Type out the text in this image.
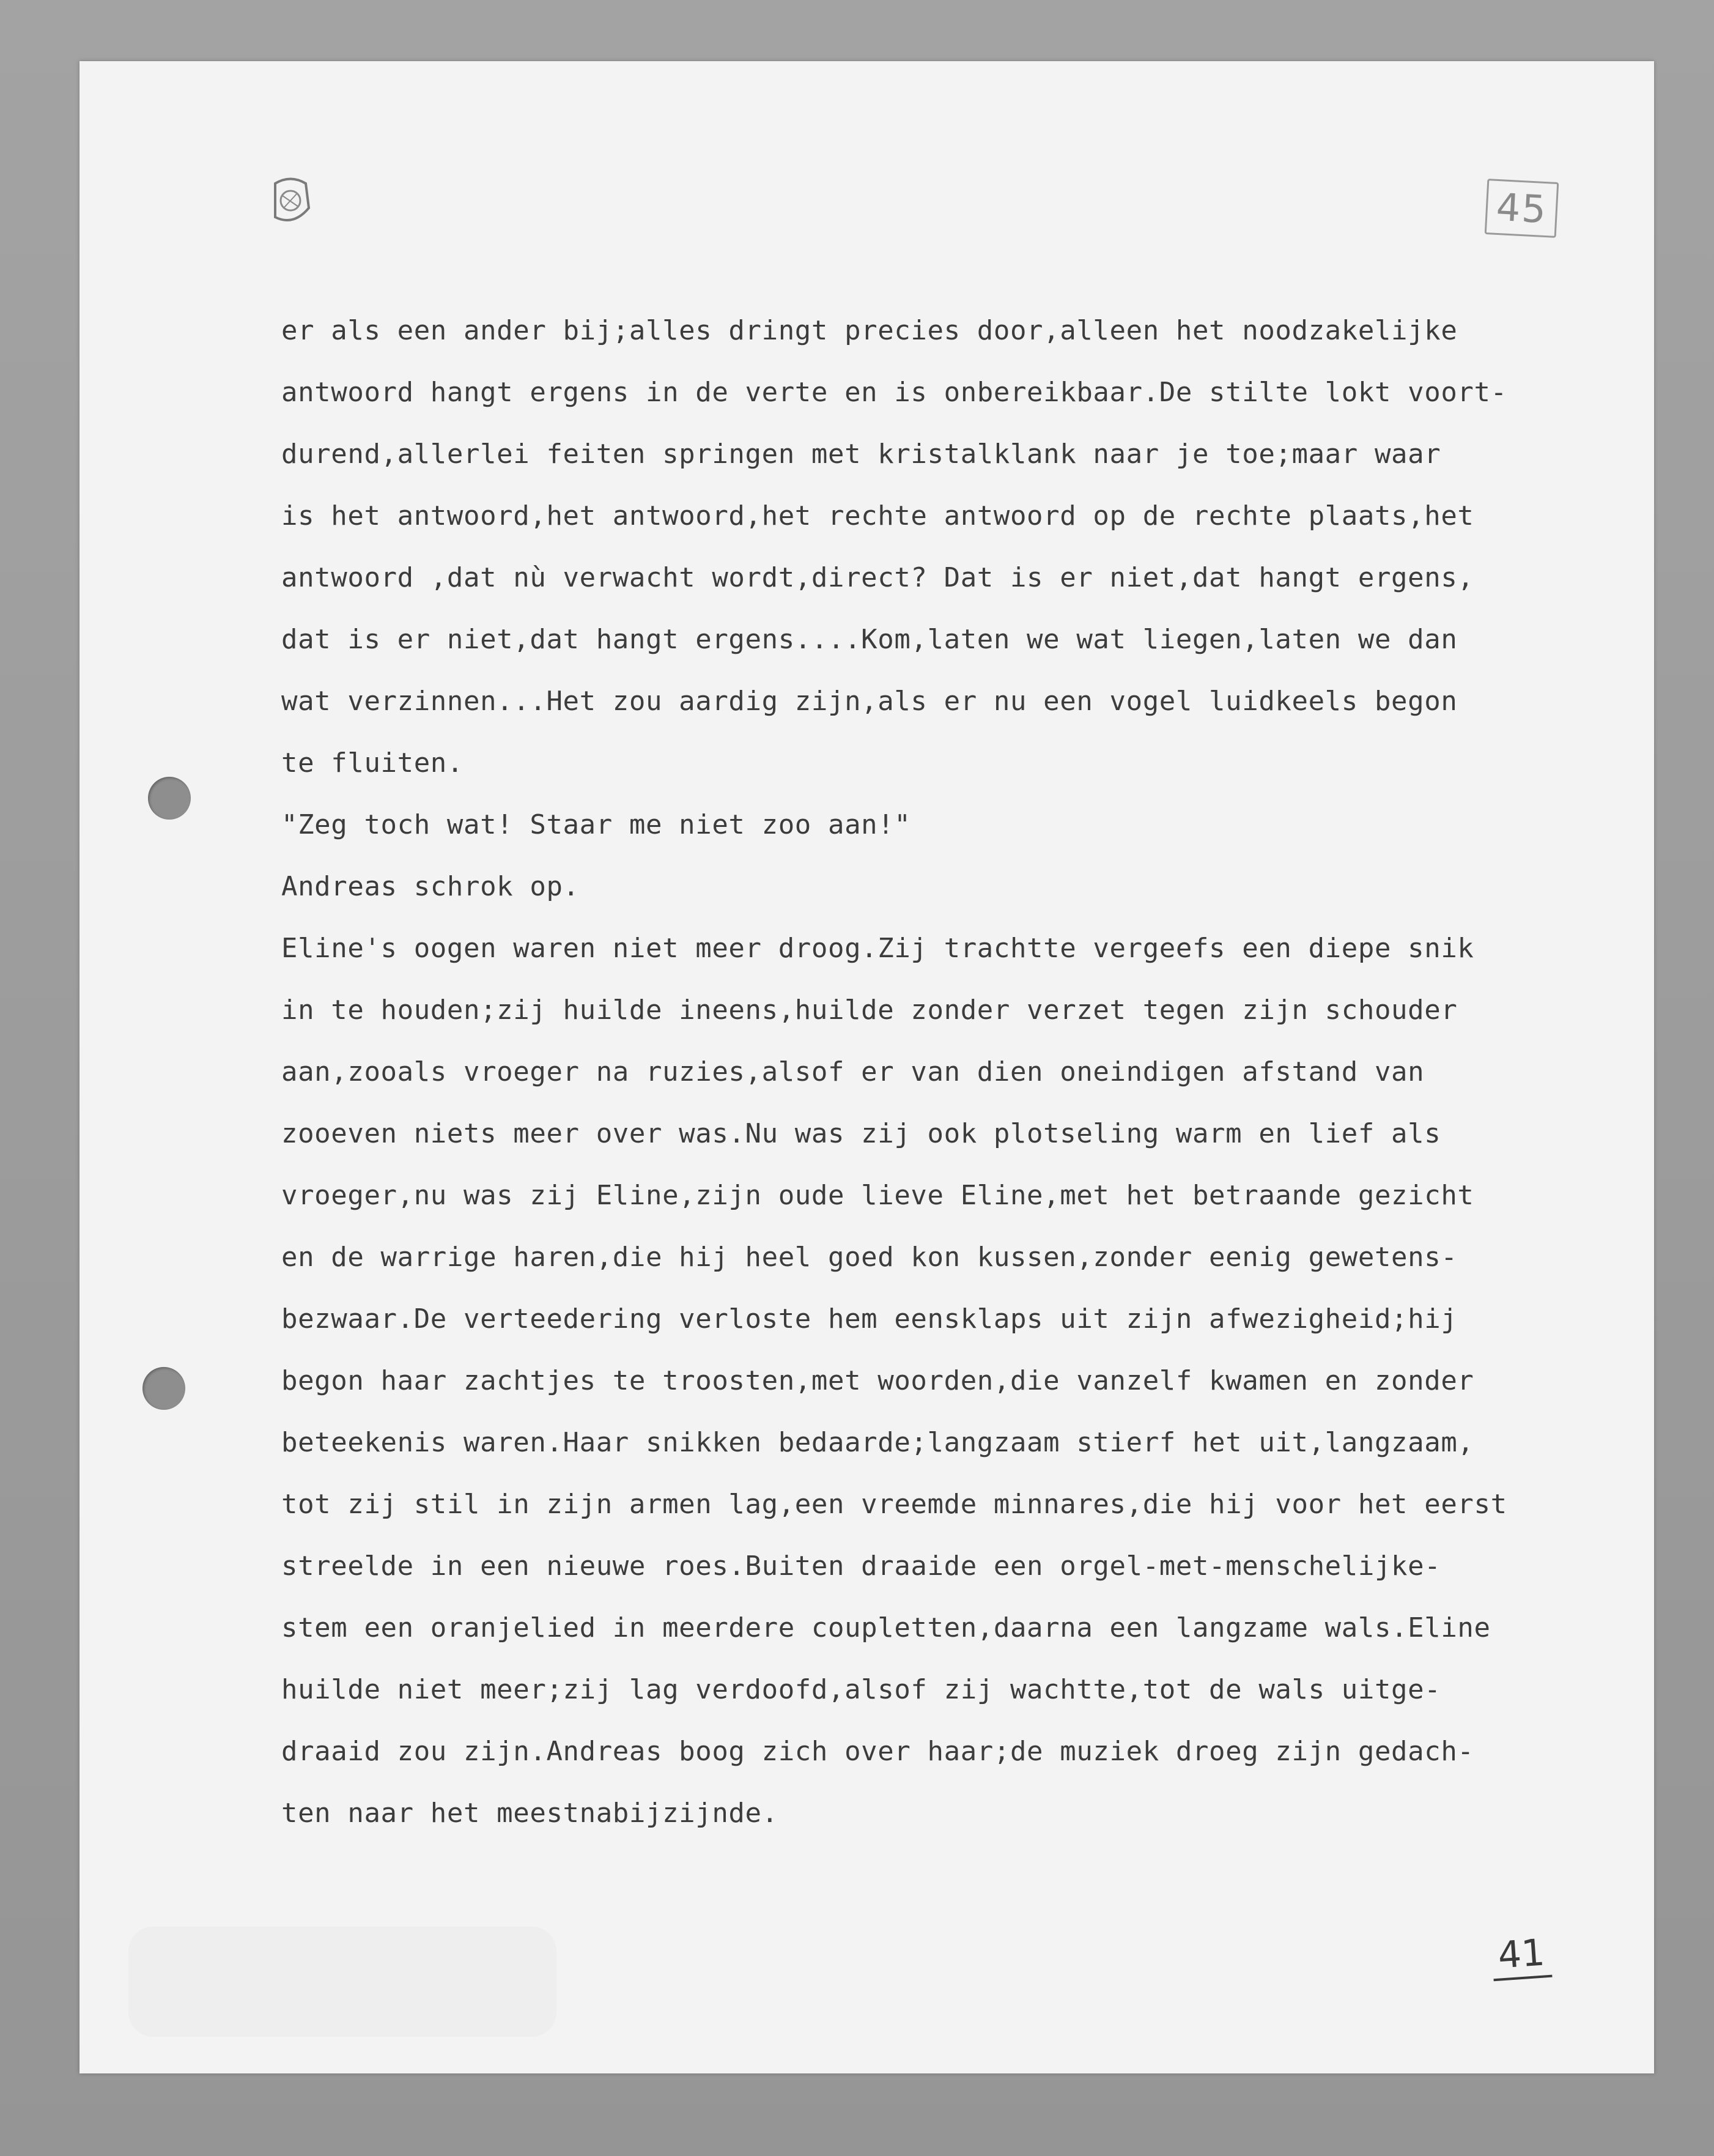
45
er als een ander bij;alles dringt precies door,alleen het noodzakelijke
antwoord hangt ergens in de verte en is onbereikbaar.De stilte lokt voort-
durend,allerlei feiten springen met kristalklank naar je toe;maar waar
is het antwoord,het antwoord,het rechte antwoord op de rechte plaats,het
antwoord ,dat nù verwacht wordt,direct? Dat is er niet,dat hangt ergens,
dat is er niet,dat hangt ergens....Kom,laten we wat liegen,laten we dan
wat verzinnen...Het zou aardig zijn,als er nu een vogel luidkeels begon
te fluiten.
"Zeg toch wat! Staar me niet zoo aan!"
Andreas schrok op.
Eline's oogen waren niet meer droog.Zij trachtte vergeefs een diepe snik
in te houden;zij huilde ineens,huilde zonder verzet tegen zijn schouder
aan,zooals vroeger na ruzies,alsof er van dien oneindigen afstand van
zooeven niets meer over was.Nu was zij ook plotseling warm en lief als
vroeger,nu was zij Eline,zijn oude lieve Eline,met het betraande gezicht
en de warrige haren,die hij heel goed kon kussen,zonder eenig gewetens-
bezwaar.De verteedering verloste hem eensklaps uit zijn afwezigheid;hij
begon haar zachtjes te troosten,met woorden,die vanzelf kwamen en zonder
beteekenis waren.Haar snikken bedaarde;langzaam stierf het uit,langzaam,
tot zij stil in zijn armen lag,een vreemde minnares,die hij voor het eerst
streelde in een nieuwe roes.Buiten draaide een orgel-met-menschelijke-
stem een oranjelied in meerdere coupletten,daarna een langzame wals.Eline
huilde niet meer;zij lag verdoofd,alsof zij wachtte,tot de wals uitge-
draaid zou zijn.Andreas boog zich over haar;de muziek droeg zijn gedach-
ten naar het meestnabijzijnde.
41
